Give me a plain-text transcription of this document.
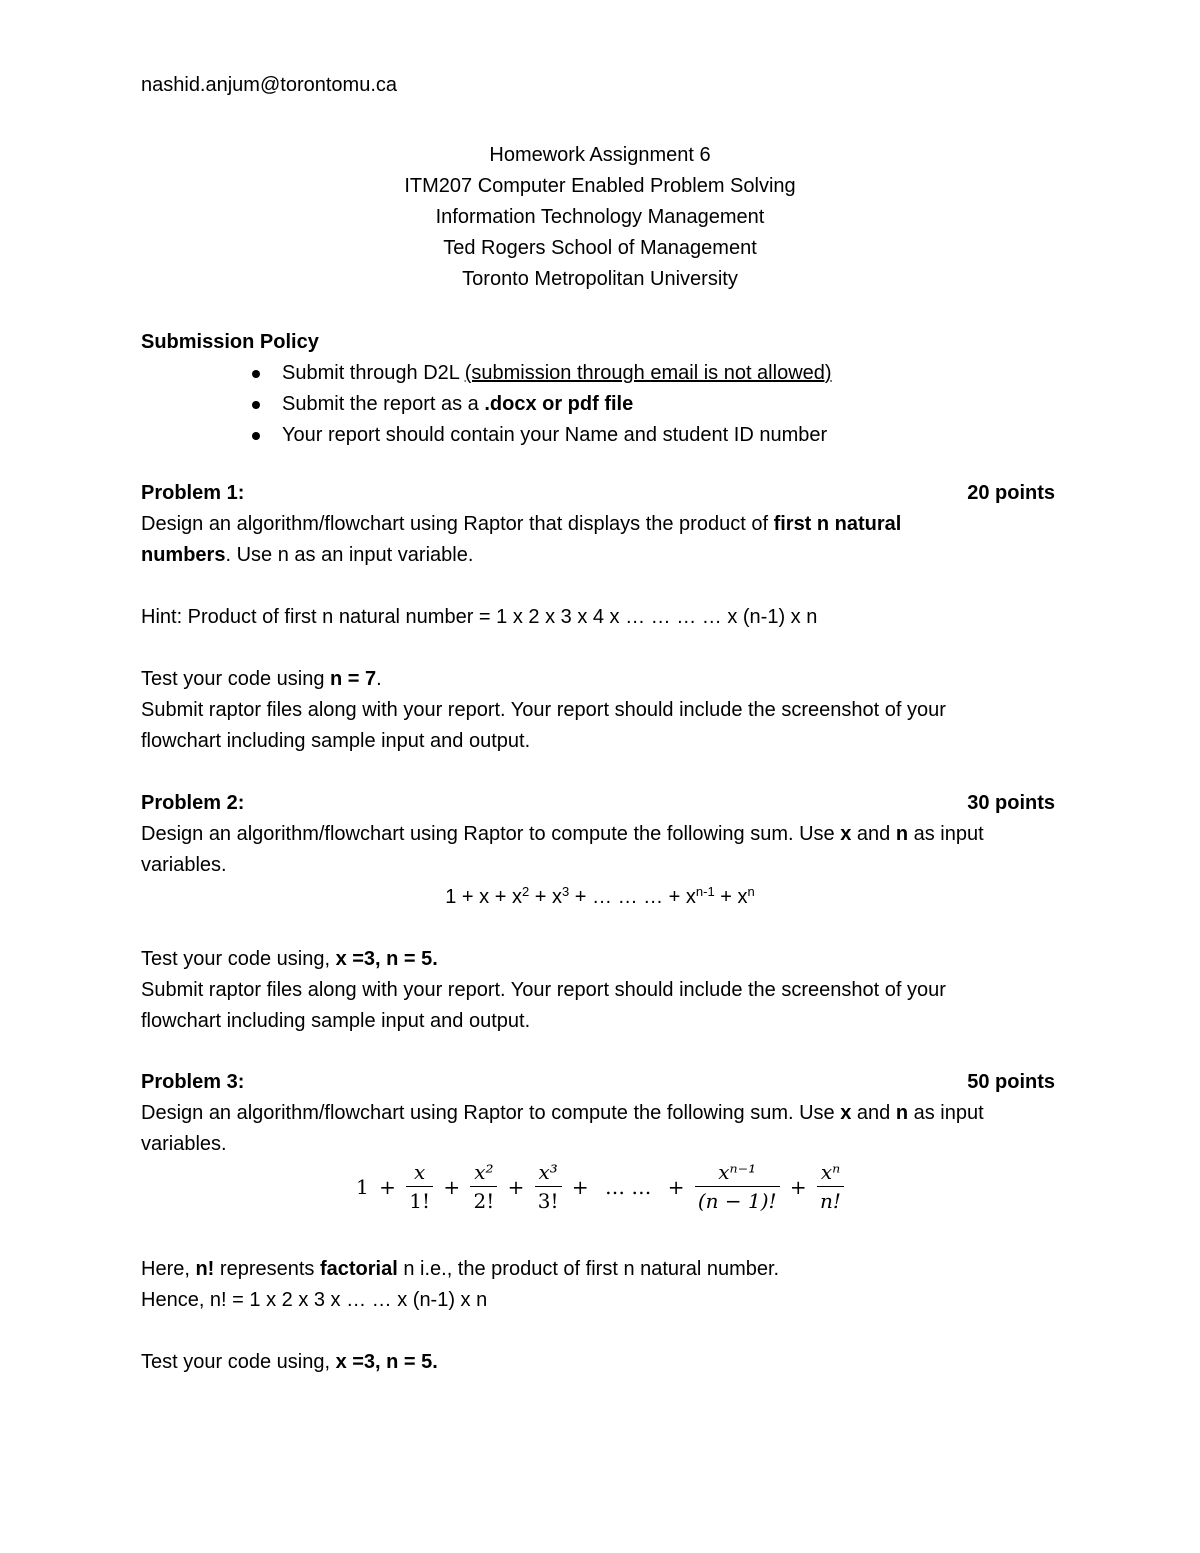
nashid.anjum@torontomu.ca
Homework Assignment 6
ITM207 Computer Enabled Problem Solving
Information Technology Management
Ted Rogers School of Management
Toronto Metropolitan University
Submission Policy
Submit through D2L (submission through email is not allowed)
Submit the report as a .docx or pdf file
Your report should contain your Name and student ID number
Problem 1:	20 points
Design an algorithm/flowchart using Raptor that displays the product of first n natural
numbers. Use n as an input variable.
Hint: Product of first n natural number = 1 x 2 x 3 x 4 x … … … … x (n-1) x n
Test your code using n = 7.
Submit raptor files along with your report. Your report should include the screenshot of your
flowchart including sample input and output.
Problem 2:	30 points
Design an algorithm/flowchart using Raptor to compute the following sum. Use x and n as input
variables.
$1 + x + x^2 + x^3$ + … … … + $x^{n-1} + x^n$
Test your code using, x =3, n = 5.
Submit raptor files along with your report. Your report should include the screenshot of your
flowchart including sample input and output.
Problem 3:	50 points
Design an algorithm/flowchart using Raptor to compute the following sum. Use x and n as input
variables.
$1 + \frac{x}{1!} + \frac{\text{x²}}{2!} + \frac{\text{x³}}{3!}$ + … … + $\frac{\text{xⁿ⁻¹}}{(n - 1)!} + \frac{\text{xⁿ}}{n!}$
Here, n! represents factorial n i.e., the product of first n natural number.
Hence, n! = 1 x 2 x 3 x … … x (n-1) x n
Test your code using, x =3, n = 5.
